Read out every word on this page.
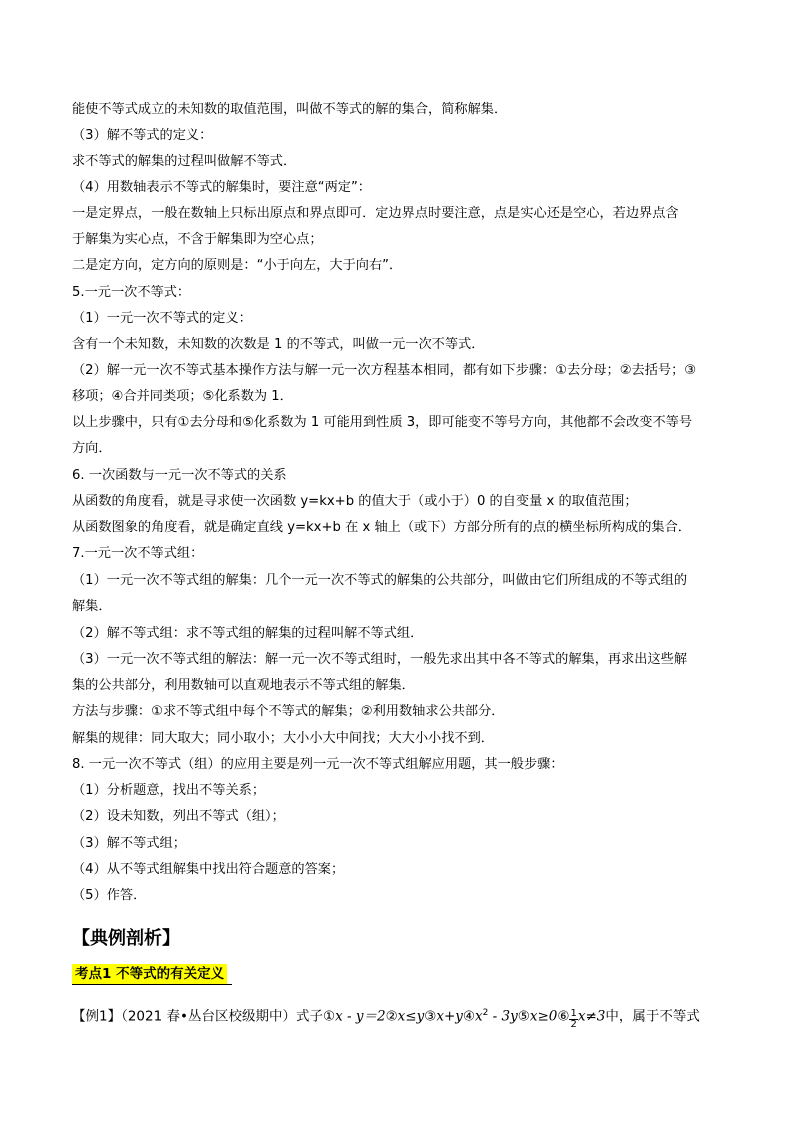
能使不等式成立的未知数的取值范围，叫做不等式的解的集合，简称解集．
（3）解不等式的定义：
求不等式的解集的过程叫做解不等式．
（4）用数轴表示不等式的解集时，要注意“两定”：
一是定界点，一般在数轴上只标出原点和界点即可．定边界点时要注意，点是实心还是空心，若边界点含
于解集为实心点，不含于解集即为空心点；
二是定方向，定方向的原则是：“小于向左，大于向右”．
5.一元一次不等式：
（1）一元一次不等式的定义：
含有一个未知数，未知数的次数是 1 的不等式，叫做一元一次不等式．
（2）解一元一次不等式基本操作方法与解一元一次方程基本相同，都有如下步骤：①去分母；②去括号；③
移项；④合并同类项；⑤化系数为 1．
以上步骤中，只有①去分母和⑤化系数为 1 可能用到性质 3，即可能变不等号方向，其他都不会改变不等号
方向．
6. 一次函数与一元一次不等式的关系
从函数的角度看，就是寻求使一次函数 y=kx+b 的值大于（或小于）0 的自变量 x 的取值范围；
从函数图象的角度看，就是确定直线 y=kx+b 在 x 轴上（或下）方部分所有的点的横坐标所构成的集合．
7.一元一次不等式组：
（1）一元一次不等式组的解集：几个一元一次不等式的解集的公共部分，叫做由它们所组成的不等式组的
解集．
（2）解不等式组：求不等式组的解集的过程叫解不等式组．
（3）一元一次不等式组的解法：解一元一次不等式组时，一般先求出其中各不等式的解集，再求出这些解
集的公共部分，利用数轴可以直观地表示不等式组的解集．
方法与步骤：①求不等式组中每个不等式的解集；②利用数轴求公共部分．
解集的规律：同大取大；同小取小；大小小大中间找；大大小小找不到．
8. 一元一次不等式（组）的应用主要是列一元一次不等式组解应用题，其一般步骤：
（1）分析题意，找出不等关系；
（2）设未知数，列出不等式（组）；
（3）解不等式组；
（4）从不等式组解集中找出符合题意的答案；
（5）作答．
【典例剖析】
考点1 不等式的有关定义
【例1】（2021 春•丛台区校级期中）式子①x - $y=2②x\le y③x+y④x^2$ - 3y⑤x≥0⑥ $\frac{1}{2} x\ne 3$中，属于不等式
